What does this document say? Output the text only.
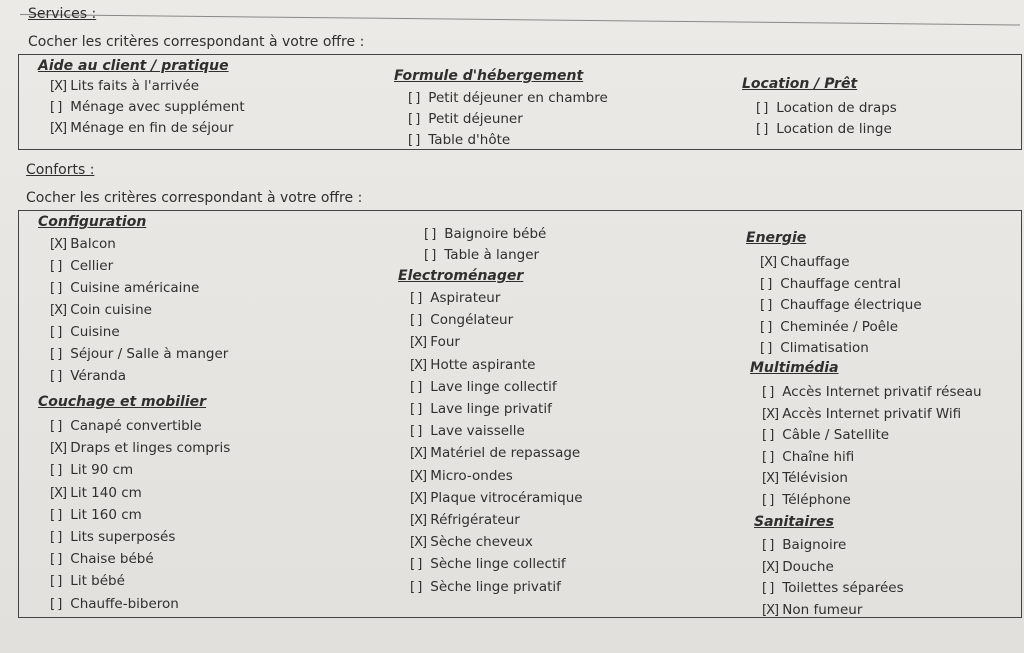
Services :
Cocher les critères correspondant à votre offre :
Aide au client / pratique
[X] Lits faits à l'arrivée
[ ] Ménage avec supplément
[X] Ménage en fin de séjour
Formule d'hébergement
[ ] Petit déjeuner en chambre
[ ] Petit déjeuner
[ ] Table d'hôte
Location / Prêt
[ ] Location de draps
[ ] Location de linge
Conforts :
Cocher les critères correspondant à votre offre :
Configuration
[X] Balcon
[ ] Cellier
[ ] Cuisine américaine
[X] Coin cuisine
[ ] Cuisine
[ ] Séjour / Salle à manger
[ ] Véranda
Couchage et mobilier
[ ] Canapé convertible
[X] Draps et linges compris
[ ] Lit 90 cm
[X] Lit 140 cm
[ ] Lit 160 cm
[ ] Lits superposés
[ ] Chaise bébé
[ ] Lit bébé
[ ] Chauffe-biberon
[ ] Baignoire bébé
[ ] Table à langer
Electroménager
[ ] Aspirateur
[ ] Congélateur
[X] Four
[X] Hotte aspirante
[ ] Lave linge collectif
[ ] Lave linge privatif
[ ] Lave vaisselle
[X] Matériel de repassage
[X] Micro-ondes
[X] Plaque vitrocéramique
[X] Réfrigérateur
[X] Sèche cheveux
[ ] Sèche linge collectif
[ ] Sèche linge privatif
Energie
[X] Chauffage
[ ] Chauffage central
[ ] Chauffage électrique
[ ] Cheminée / Poêle
[ ] Climatisation
Multimédia
[ ] Accès Internet privatif réseau
[X] Accès Internet privatif Wifi
[ ] Câble / Satellite
[ ] Chaîne hifi
[X] Télévision
[ ] Téléphone
Sanitaires
[ ] Baignoire
[X] Douche
[ ] Toilettes séparées
[X] Non fumeur
